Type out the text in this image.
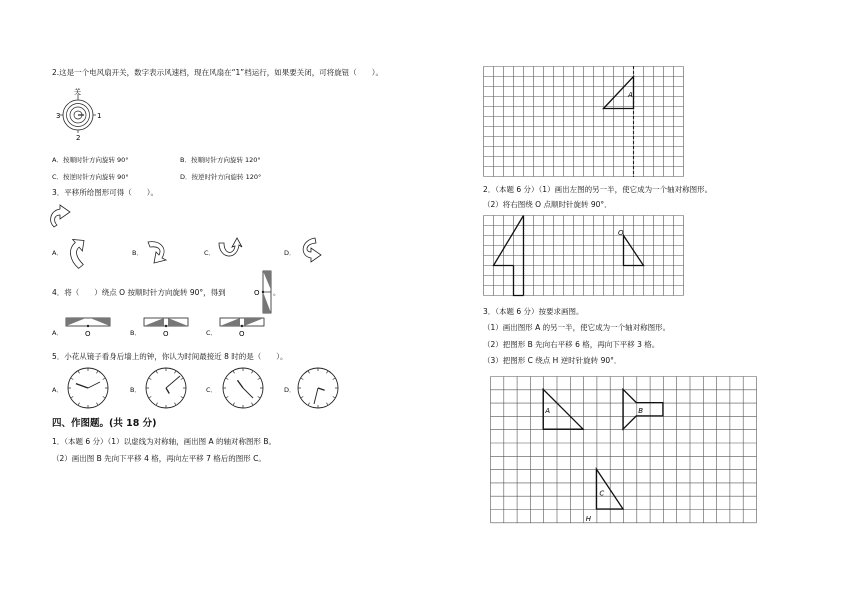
2.这是一个电风扇开关，数字表示风速档，现在风扇在“1”档运行，如果要关闭，可将旋钮（　　）。
关
1
2
3
A．按顺时针方向旋转 90°	B．按顺时针方向旋转 120°
C．按逆时针方向旋转 90°	D．按逆时针方向旋转 120°
3．平移所给图形可得（　　）。
A．	B．	C．	D．
4．将（　　）绕点 O 按顺时针方向旋转 90°，得到	O 。
A．	O	B．	O	C．	O
5．小花从镜子看身后墙上的钟，你认为时间最接近 8 时的是（　　）。
A．	B．	C．	D．
四、作图题。(共 18 分)
1．（本题 6 分）（1）以虚线为对称轴，画出图 A 的轴对称图形 B。
（2）画出图 B 先向下平移 4 格，再向左平移 7 格后的图形 C。
A
2．（本题 6 分）（1）画出左图的另一半，使它成为一个轴对称图形。
（2）将右图绕 O 点顺时针旋转 90°．
O
3．（本题 6 分）按要求画图。
（1）画出图形 A 的另一半，使它成为一个轴对称图形。
（2）把图形 B 先向右平移 6 格，再向下平移 3 格。
（3）把图形 C 绕点 H 逆时针旋转 90°．
A	B
C
H
